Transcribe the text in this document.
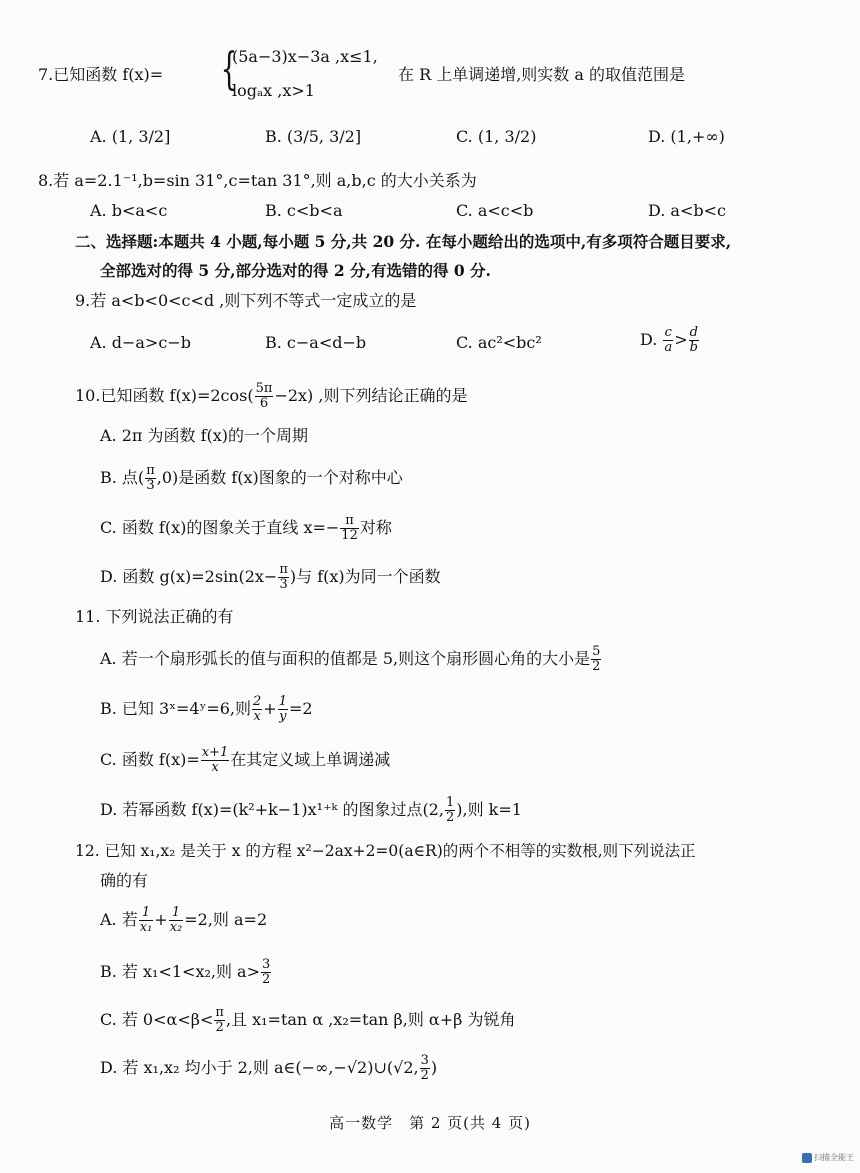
7.已知函数 f(x)= {
(5a−3)x−3a ,x≤1,
logₐx ,x>1
在 R 上单调递增,则实数 a 的取值范围是
A. (1, 3/2]	B. (3/5, 3/2]	C. (1, 3/2)	D. (1,+∞)
8.若 a=2.1⁻¹,b=sin 31°,c=tan 31°,则 a,b,c 的大小关系为
A. b<a<c	B. c<b<a	C. a<c<b	D. a<b<c
二、选择题:本题共 4 小题,每小题 5 分,共 20 分. 在每小题给出的选项中,有多项符合题目要求,
全部选对的得 5 分,部分选对的得 2 分,有选错的得 0 分.
9.若 a<b<0<c<d ,则下列不等式一定成立的是
A. d−a>c−b	B. c−a<d−b	C. ac²<bc²	D. $\frac{c}{a} > \frac{d}{b}$
10.已知函数 $f(x)=2\cos( \frac{5\pi}{6} -2x)$ ,则下列结论正确的是
A. 2π 为函数 f(x)的一个周期
B. 点( $\frac{\pi}{3} ,0$)是函数 f(x)图象的一个对称中心
C. 函数 f(x)的图象关于直线 $x=- \frac{\pi}{12}$ 对称
D. 函数 $g(x)=2\sin(2x- \frac{\pi}{3}$ )与 f(x)为同一个函数
11. 下列说法正确的有
A. 若一个扇形弧长的值与面积的值都是 5,则这个扇形圆心角的大小是 $\frac{5}{2}$
B. 已知 3ˣ=4ʸ=6,则 $\frac{2}{x} + \frac{1}{y} =2$
C. 函数 $f(x)= \frac{x+1}{x}$ 在其定义域上单调递减
D. 若幂函数 f(x)=(k²+k−1)x¹⁺ᵏ 的图象过点(2, $\frac{1}{2}$ ),则 k=1
12. 已知 x₁,x₂ 是关于 x 的方程 x²−2ax+2=0(a∈R)的两个不相等的实数根,则下列说法正
确的有
A. 若 $\frac{1}{\text{x₁}} + \frac{1}{\text{x₂}} =2$,则 a=2
B. 若 x₁<1<x₂,则 $a> \frac{3}{2}$
C. 若 $0<\alpha<\beta< \frac{\pi}{2}$ ,且 x₁=tan α ,x₂=tan β,则 α+β 为锐角
D. 若 x₁,x₂ 均小于 2,则 a∈(−∞,−√2)∪(√2, $\frac{3}{2}$ )
高一数学　第 2 页(共 4 页)
扫描全能王
